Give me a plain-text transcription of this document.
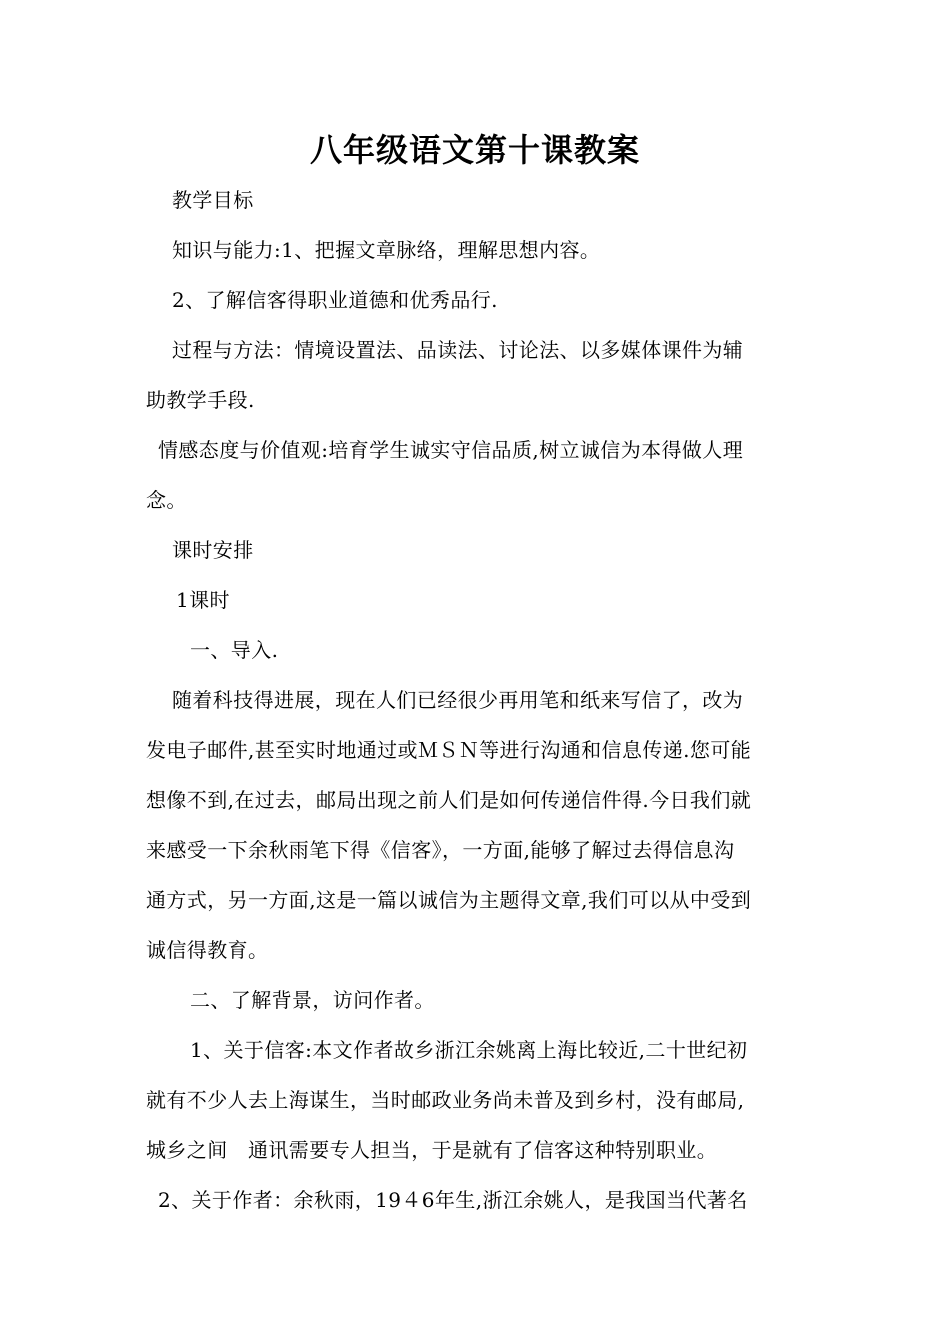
八年级语文第十课教案
教学目标
知识与能力:1、把握文章脉络，理解思想内容。
2、了解信客得职业道德和优秀品行.
过程与方法：情境设置法、品读法、讨论法、以多媒体课件为辅
助教学手段.
情感态度与价值观:培育学生诚实守信品质,树立诚信为本得做人理
念。
课时安排
1课时
一、导入.
随着科技得进展，现在人们已经很少再用笔和纸来写信了，改为
发电子邮件,甚至实时地通过或ＭＳＮ等进行沟通和信息传递.您可能
想像不到,在过去，邮局出现之前人们是如何传递信件得.今日我们就
来感受一下余秋雨笔下得《信客》，一方面,能够了解过去得信息沟
通方式，另一方面,这是一篇以诚信为主题得文章,我们可以从中受到
诚信得教育。
二、了解背景，访问作者。
1、关于信客:本文作者故乡浙江余姚离上海比较近,二十世纪初
就有不少人去上海谋生，当时邮政业务尚未普及到乡村，没有邮局,
城乡之间　通讯需要专人担当，于是就有了信客这种特别职业。
2、关于作者：余秋雨，19４6年生,浙江余姚人，是我国当代著名
